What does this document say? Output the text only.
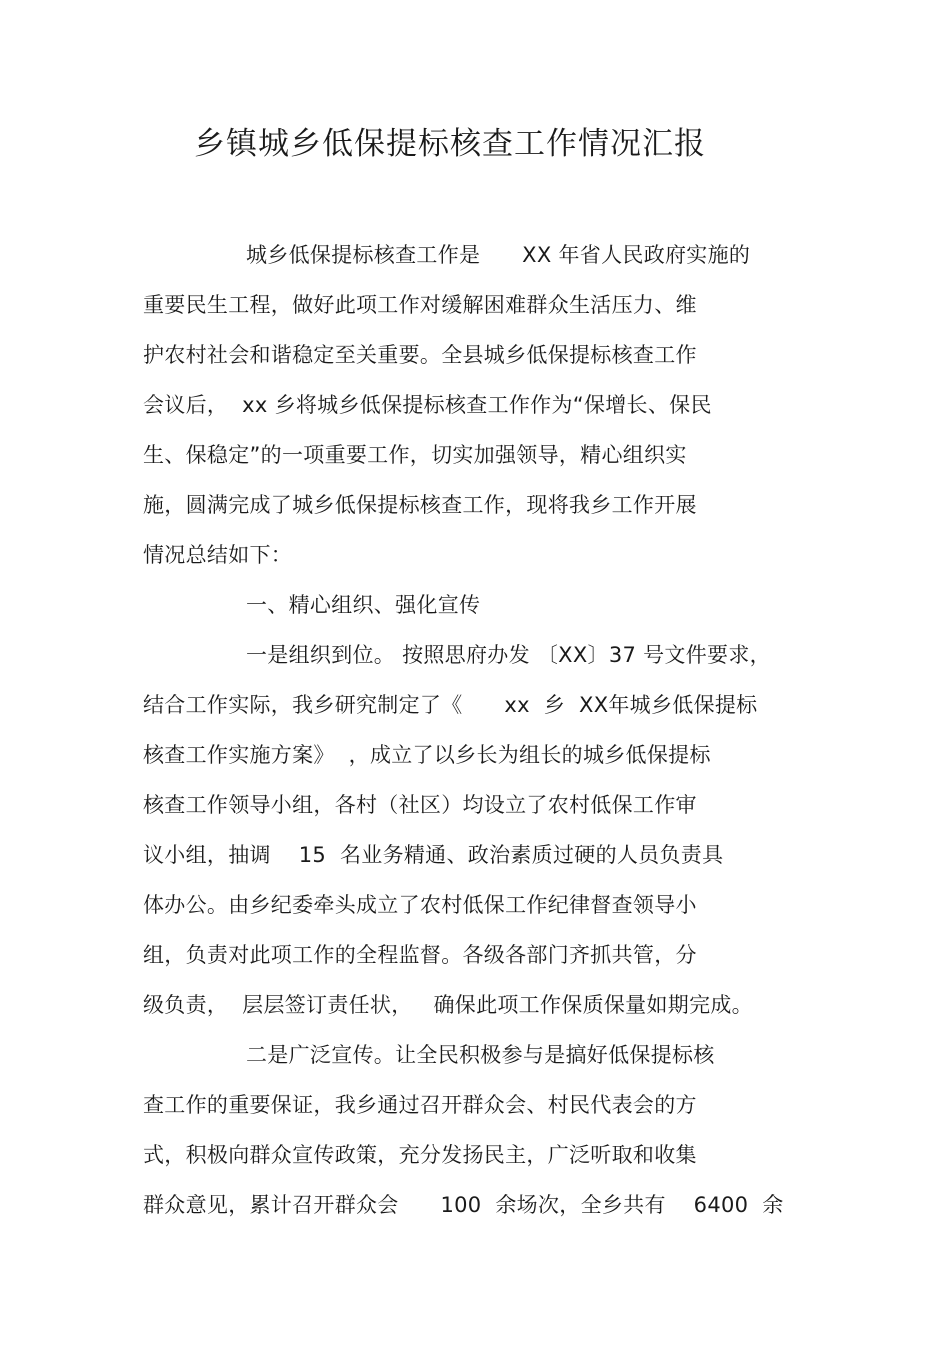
乡镇城乡低保提标核查工作情况汇报
城乡低保提标核查工作是      XX 年省人民政府实施的
重要民生工程，做好此项工作对缓解困难群众生活压力、维
护农村社会和谐稳定至关重要。全县城乡低保提标核查工作
会议后，  xx 乡将城乡低保提标核查工作作为“保增长、保民
生、保稳定”的一项重要工作，切实加强领导，精心组织实
施，圆满完成了城乡低保提标核查工作，现将我乡工作开展
情况总结如下：
一、精心组织、强化宣传
一是组织到位。 按照思府办发 〔XX〕37 号文件要求，
结合工作实际，我乡研究制定了《      xx  乡  XX年城乡低保提标
核查工作实施方案》  ，成立了以乡长为组长的城乡低保提标
核查工作领导小组，各村（社区）均设立了农村低保工作审
议小组，抽调    15  名业务精通、政治素质过硬的人员负责具
体办公。由乡纪委牵头成立了农村低保工作纪律督查领导小
组，负责对此项工作的全程监督。各级各部门齐抓共管，分
级负责，  层层签订责任状，   确保此项工作保质保量如期完成。
二是广泛宣传。让全民积极参与是搞好低保提标核
查工作的重要保证，我乡通过召开群众会、村民代表会的方
式，积极向群众宣传政策，充分发扬民主，广泛听取和收集
群众意见，累计召开群众会      100  余场次，全乡共有    6400  余
